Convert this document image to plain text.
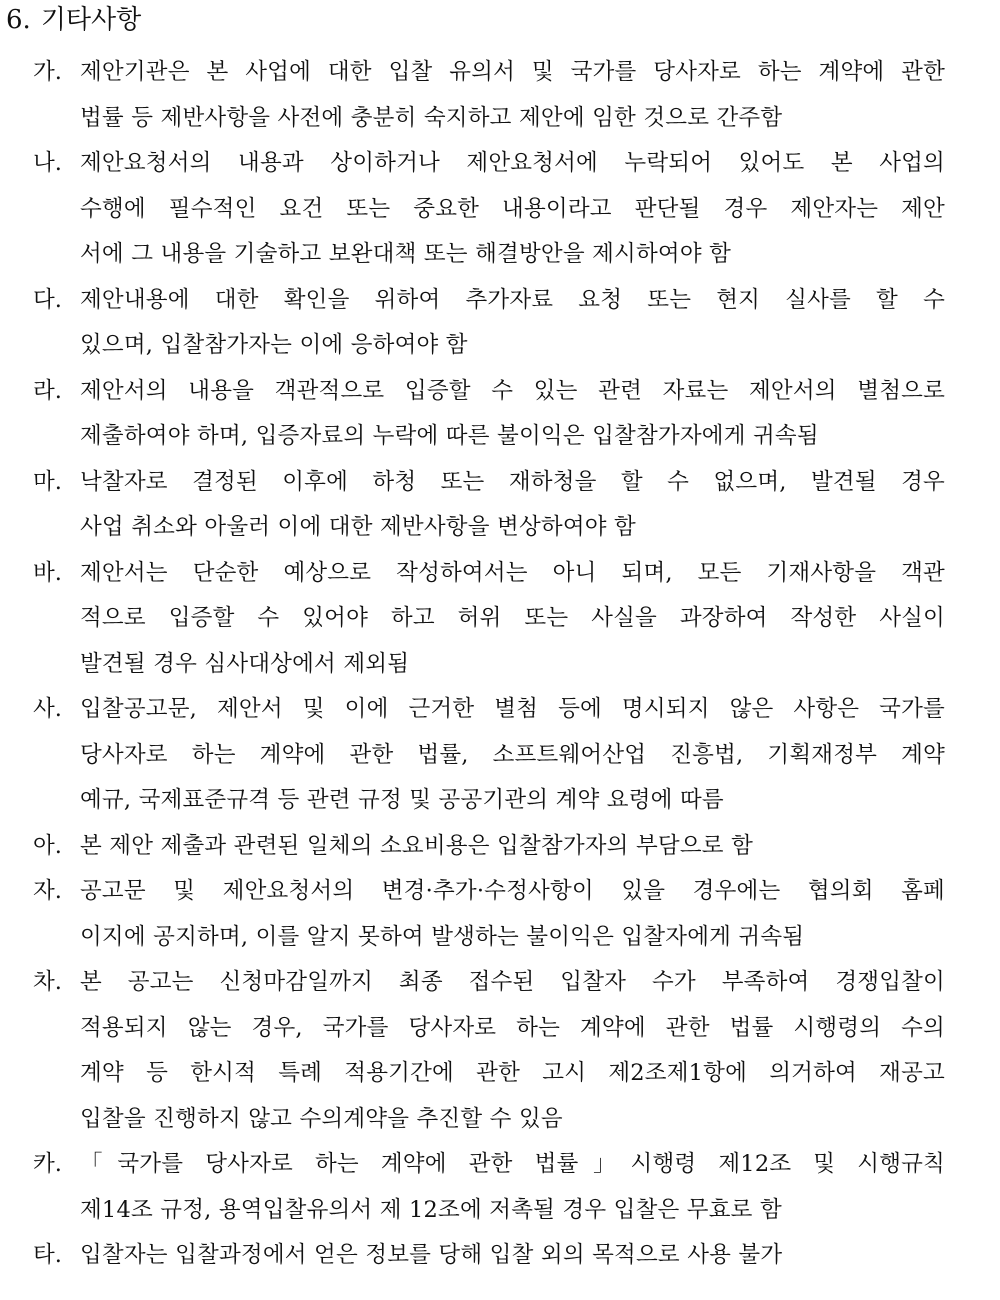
6. 기타사항
가. 제안기관은 본 사업에 대한 입찰 유의서 및 국가를 당사자로 하는 계약에 관한
법률 등 제반사항을 사전에 충분히 숙지하고 제안에 임한 것으로 간주함
나. 제안요청서의 내용과 상이하거나 제안요청서에 누락되어 있어도 본 사업의
수행에 필수적인 요건 또는 중요한 내용이라고 판단될 경우 제안자는 제안
서에 그 내용을 기술하고 보완대책 또는 해결방안을 제시하여야 함
다. 제안내용에 대한 확인을 위하여 추가자료 요청 또는 현지 실사를 할 수
있으며, 입찰참가자는 이에 응하여야 함
라. 제안서의 내용을 객관적으로 입증할 수 있는 관련 자료는 제안서의 별첨으로
제출하여야 하며, 입증자료의 누락에 따른 불이익은 입찰참가자에게 귀속됨
마. 낙찰자로 결정된 이후에 하청 또는 재하청을 할 수 없으며, 발견될 경우
사업 취소와 아울러 이에 대한 제반사항을 변상하여야 함
바. 제안서는 단순한 예상으로 작성하여서는 아니 되며, 모든 기재사항을 객관
적으로 입증할 수 있어야 하고 허위 또는 사실을 과장하여 작성한 사실이
발견될 경우 심사대상에서 제외됨
사. 입찰공고문, 제안서 및 이에 근거한 별첨 등에 명시되지 않은 사항은 국가를
당사자로 하는 계약에 관한 법률, 소프트웨어산업 진흥법, 기획재정부 계약
예규, 국제표준규격 등 관련 규정 및 공공기관의 계약 요령에 따름
아. 본 제안 제출과 관련된 일체의 소요비용은 입찰참가자의 부담으로 함
자. 공고문 및 제안요청서의 변경·추가·수정사항이 있을 경우에는 협의회 홈페
이지에 공지하며, 이를 알지 못하여 발생하는 불이익은 입찰자에게 귀속됨
차. 본 공고는 신청마감일까지 최종 접수된 입찰자 수가 부족하여 경쟁입찰이
적용되지 않는 경우, 국가를 당사자로 하는 계약에 관한 법률 시행령의 수의
계약 등 한시적 특례 적용기간에 관한 고시 제2조제1항에 의거하여 재공고
입찰을 진행하지 않고 수의계약을 추진할 수 있음
카. 「국가를 당사자로 하는 계약에 관한 법률」시행령 제12조 및 시행규칙
제14조 규정, 용역입찰유의서 제 12조에 저촉될 경우 입찰은 무효로 함
타. 입찰자는 입찰과정에서 얻은 정보를 당해 입찰 외의 목적으로 사용 불가
